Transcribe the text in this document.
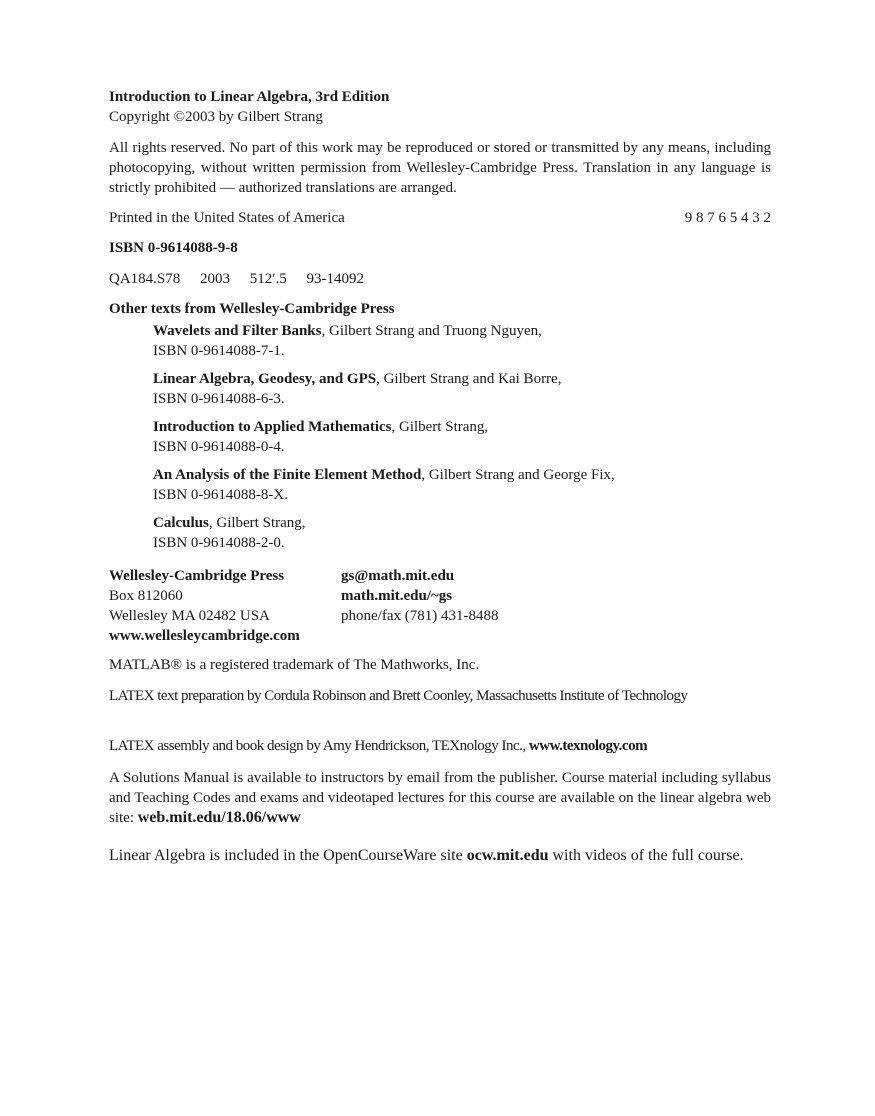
Introduction to Linear Algebra, 3rd Edition
Copyright ©2003 by Gilbert Strang
All rights reserved. No part of this work may be reproduced or stored or transmitted by any means, including photocopying, without written permission from Wellesley-Cambridge Press. Translation in any language is strictly prohibited — authorized translations are arranged.
Printed in the United States of America	9 8 7 6 5 4 3 2
ISBN 0-9614088-9-8
QA184.S78 2003 512′.5 93-14092
Other texts from Wellesley-Cambridge Press
Wavelets and Filter Banks, Gilbert Strang and Truong Nguyen,
ISBN 0-9614088-7-1.
Linear Algebra, Geodesy, and GPS, Gilbert Strang and Kai Borre,
ISBN 0-9614088-6-3.
Introduction to Applied Mathematics, Gilbert Strang,
ISBN 0-9614088-0-4.
An Analysis of the Finite Element Method, Gilbert Strang and George Fix,
ISBN 0-9614088-8-X.
Calculus, Gilbert Strang,
ISBN 0-9614088-2-0.
Wellesley-Cambridge Press
Box 812060
Wellesley MA 02482 USA
www.wellesleycambridge.com
gs@math.mit.edu
math.mit.edu/~gs
phone/fax (781) 431-8488
MATLAB® is a registered trademark of The Mathworks, Inc.
LATEX text preparation by Cordula Robinson and Brett Coonley, Massachusetts Institute of Technology
LATEX assembly and book design by Amy Hendrickson, TEXnology Inc., www.texnology.com
A Solutions Manual is available to instructors by email from the publisher. Course material including syllabus and Teaching Codes and exams and videotaped lectures for this course are available on the linear algebra web site: web.mit.edu/18.06/www
Linear Algebra is included in the OpenCourseWare site ocw.mit.edu with videos of the full course.
